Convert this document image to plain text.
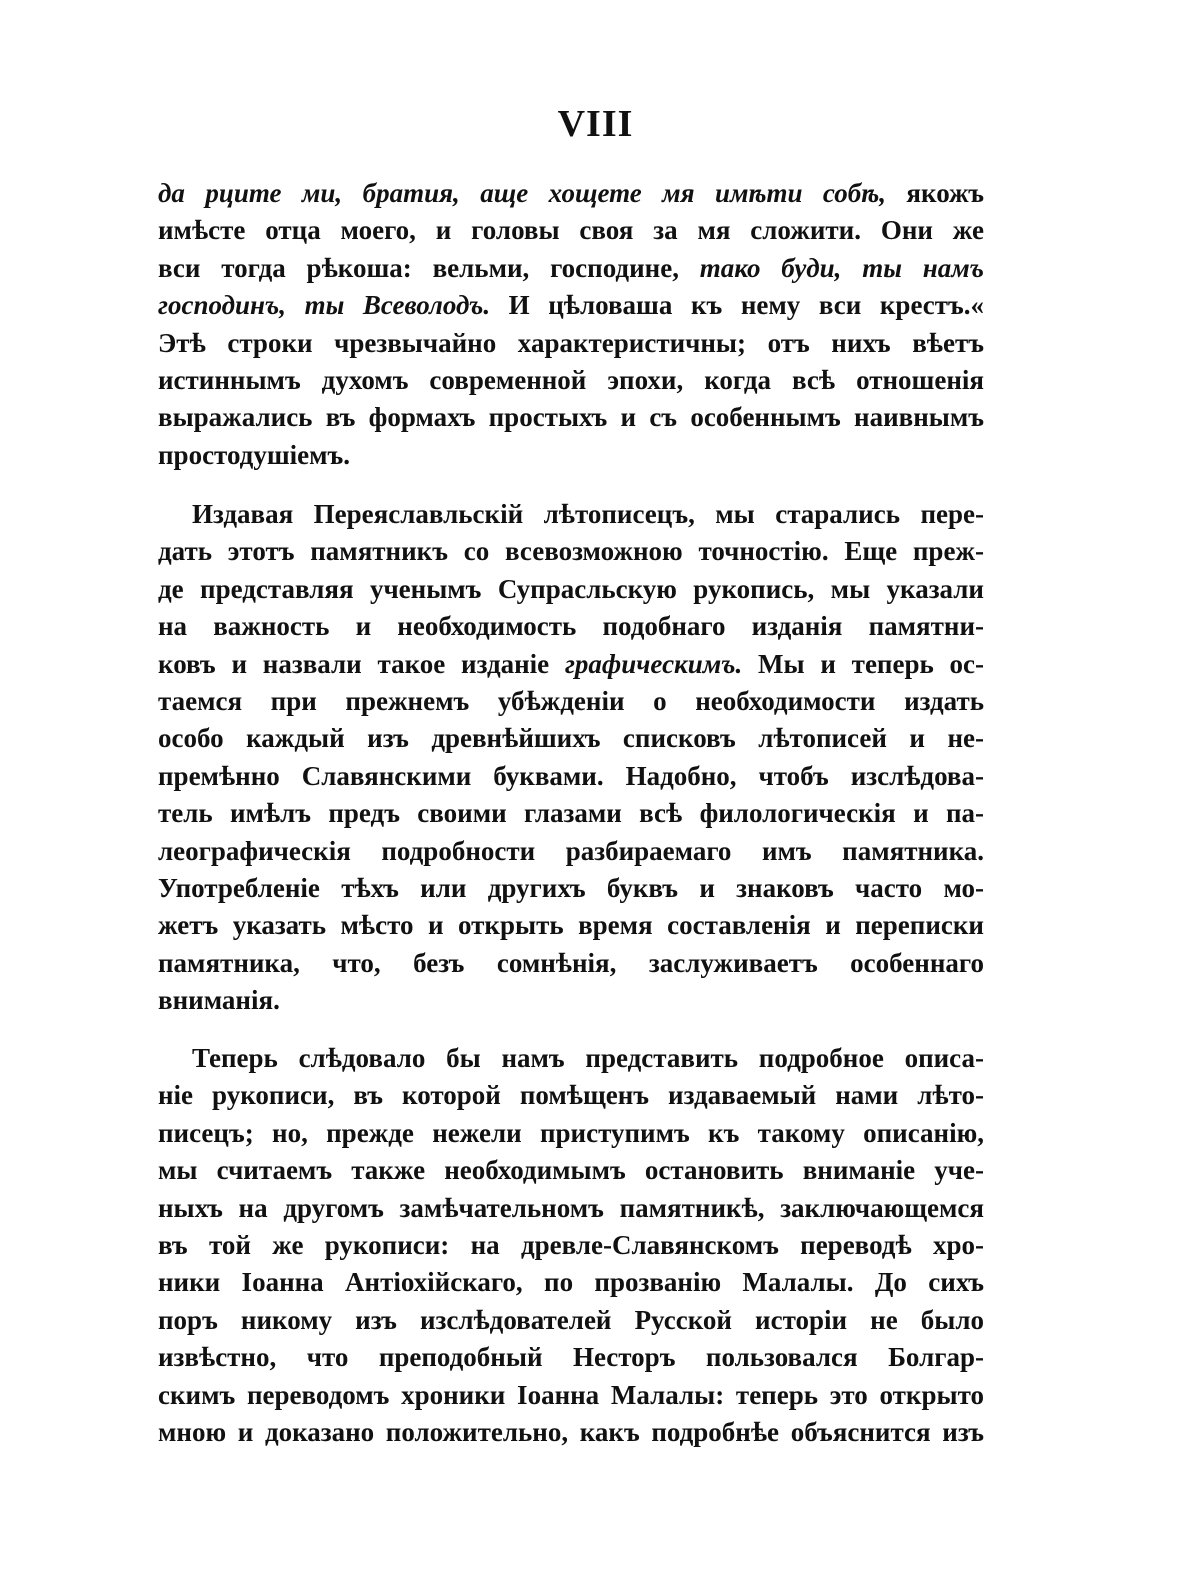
VIII
да рците ми, братия, аще хощете мя имѣти собѣ, якожъ
имѣсте отца моего, и головы своя за мя сложити. Они же
вси тогда рѣкоша: вельми, господине, тако буди, ты намъ
господинъ, ты Всеволодъ. И цѣловаша къ нему вси крестъ.«
Этѣ строки чрезвычайно характеристичны; отъ нихъ вѣетъ
истиннымъ духомъ современной эпохи, когда всѣ отношенія
выражались въ формахъ простыхъ и съ особеннымъ наивнымъ
простодушіемъ.
Издавая Переяславльскій лѣтописецъ, мы старались пере-
дать этотъ памятникъ со всевозможною точностію. Еще преж-
де представляя ученымъ Супрасльскую рукопись, мы указали
на важность и необходимость подобнаго изданія памятни-
ковъ и назвали такое изданіе графическимъ. Мы и теперь ос-
таемся при прежнемъ убѣжденіи о необходимости издать
особо каждый изъ древнѣйшихъ списковъ лѣтописей и не-
премѣнно Славянскими буквами. Надобно, чтобъ изслѣдова-
тель имѣлъ предъ своими глазами всѣ филологическія и па-
леографическія подробности разбираемаго имъ памятника.
Употребленіе тѣхъ или другихъ буквъ и знаковъ часто мо-
жетъ указать мѣсто и открыть время составленія и переписки
памятника, что, безъ сомнѣнія, заслуживаетъ особеннаго
вниманія.
Теперь слѣдовало бы намъ представить подробное описа-
ніе рукописи, въ которой помѣщенъ издаваемый нами лѣто-
писецъ; но, прежде нежели приступимъ къ такому описанію,
мы считаемъ также необходимымъ остановить вниманіе уче-
ныхъ на другомъ замѣчательномъ памятникѣ, заключающемся
въ той же рукописи: на древле-Славянскомъ переводѣ хро-
ники Іоанна Антіохійскаго, по прозванію Малалы. До сихъ
поръ никому изъ изслѣдователей Русской исторіи не было
извѣстно, что преподобный Несторъ пользовался Болгар-
скимъ переводомъ хроники Іоанна Малалы: теперь это открыто
мною и доказано положительно, какъ подробнѣе объяснится изъ
